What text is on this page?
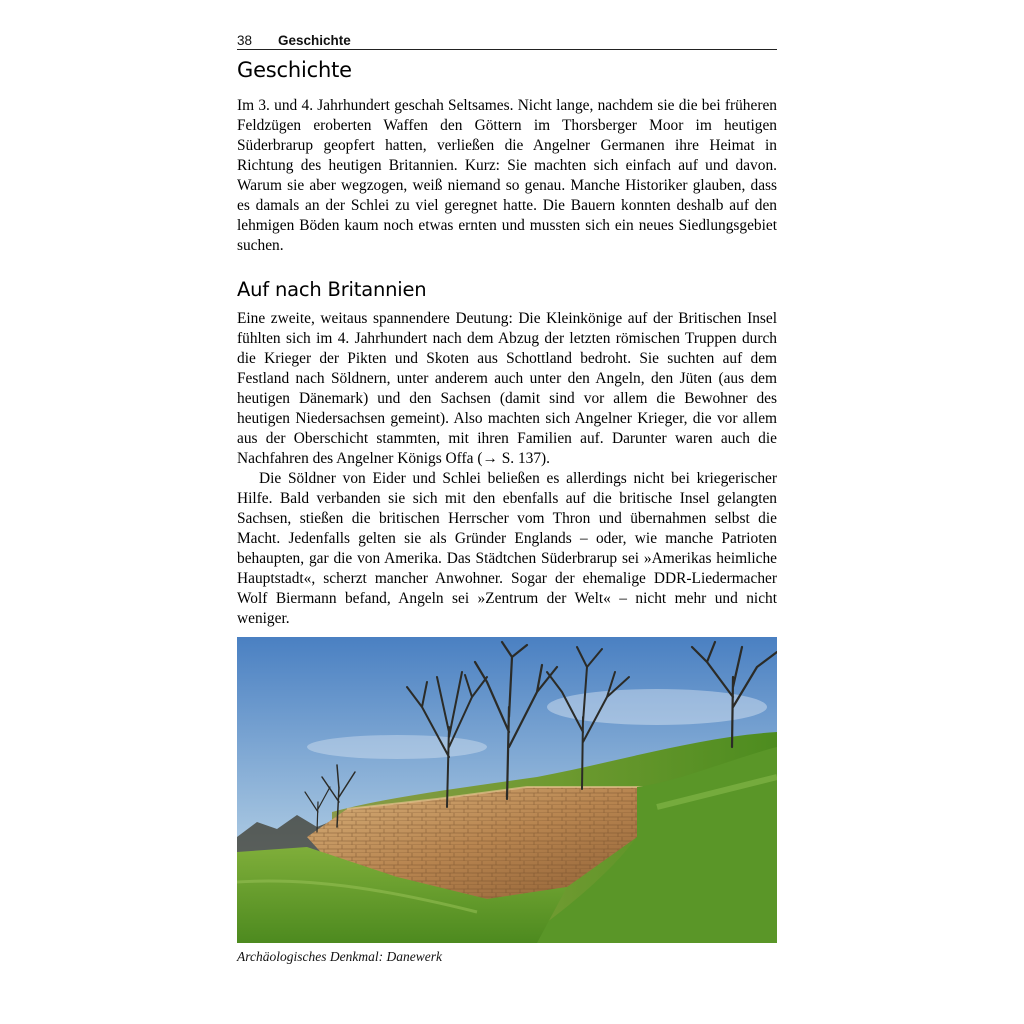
38 Geschichte
Geschichte

Im 3. und 4. Jahrhundert geschah Seltsames. Nicht lange, nachdem sie die bei früheren Feldzügen eroberten Waffen den Göttern im Thorsberger Moor im heutigen Süderbrarup geopfert hatten, verließen die Angelner Germanen ihre Heimat in Richtung des heutigen Britannien. Kurz: Sie machten sich einfach auf und davon. Warum sie aber wegzogen, weiß niemand so genau. Manche Historiker glauben, dass es damals an der Schlei zu viel geregnet hatte. Die Bauern konnten deshalb auf den lehmigen Böden kaum noch etwas ernten und mussten sich ein neues Siedlungsgebiet suchen.

Auf nach Britannien

Eine zweite, weitaus spannendere Deutung: Die Kleinkönige auf der Britischen Insel fühlten sich im 4. Jahrhundert nach dem Abzug der letzten römischen Truppen durch die Krieger der Pikten und Skoten aus Schottland bedroht. Sie suchten auf dem Festland nach Söldnern, unter anderem auch unter den Angeln, den Jüten (aus dem heutigen Dänemark) und den Sachsen (damit sind vor allem die Bewohner des heutigen Niedersachsen gemeint). Also machten sich Angelner Krieger, die vor allem aus der Oberschicht stammten, mit ihren Familien auf. Darunter waren auch die Nachfahren des Angelner Königs Offa (→ S. 137).

Die Söldner von Eider und Schlei beließen es allerdings nicht bei kriegerischer Hilfe. Bald verbanden sie sich mit den ebenfalls auf die britische Insel gelangten Sachsen, stießen die britischen Herrscher vom Thron und übernahmen selbst die Macht. Jedenfalls gelten sie als Gründer Englands – oder, wie manche Patrioten behaupten, gar die von Amerika. Das Städtchen Süderbrarup sei »Amerikas heimliche Hauptstadt«, scherzt mancher Anwohner. Sogar der ehemalige DDR-Liedermacher Wolf Biermann befand, Angeln sei »Zentrum der Welt« – nicht mehr und nicht weniger.

Archäologisches Denkmal: Danewerk
